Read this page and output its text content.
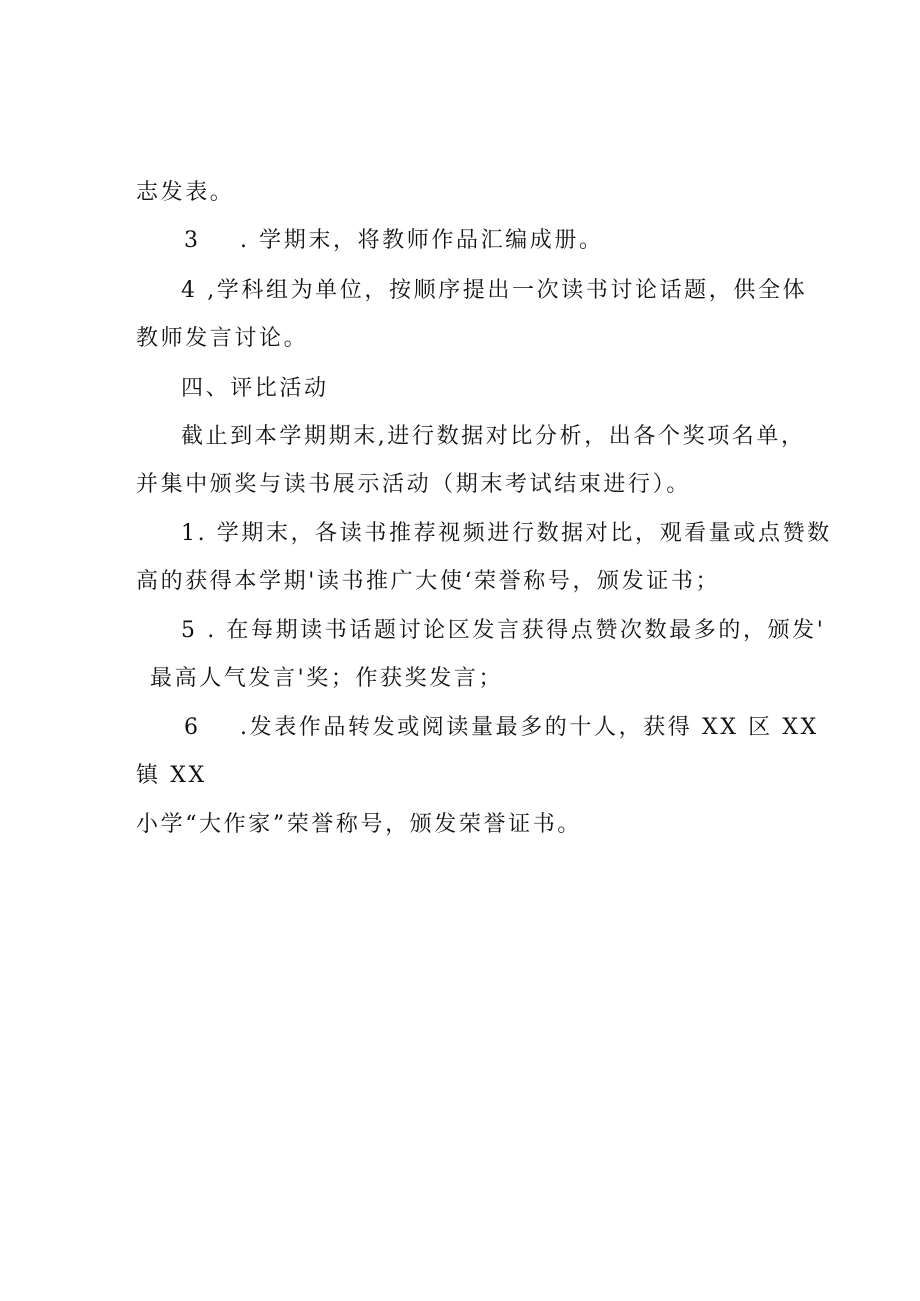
志发表。
3 . 学期末，将教师作品汇编成册。
4 ,学科组为单位，按顺序提出一次读书讨论话题，供全体
教师发言讨论。
四、评比活动
截止到本学期期末,进行数据对比分析，出各个奖项名单，
并集中颁奖与读书展示活动（期末考试结束进行）。
1. 学期末，各读书推荐视频进行数据对比，观看量或点赞数
高的获得本学期'读书推广大使‘荣誉称号，颁发证书；
5 . 在每期读书话题讨论区发言获得点赞次数最多的，颁发'
最高人气发言'奖；作获奖发言；
6 .发表作品转发或阅读量最多的十人，获得 XX 区 XX
镇 XX
小学“大作家”荣誉称号，颁发荣誉证书。
